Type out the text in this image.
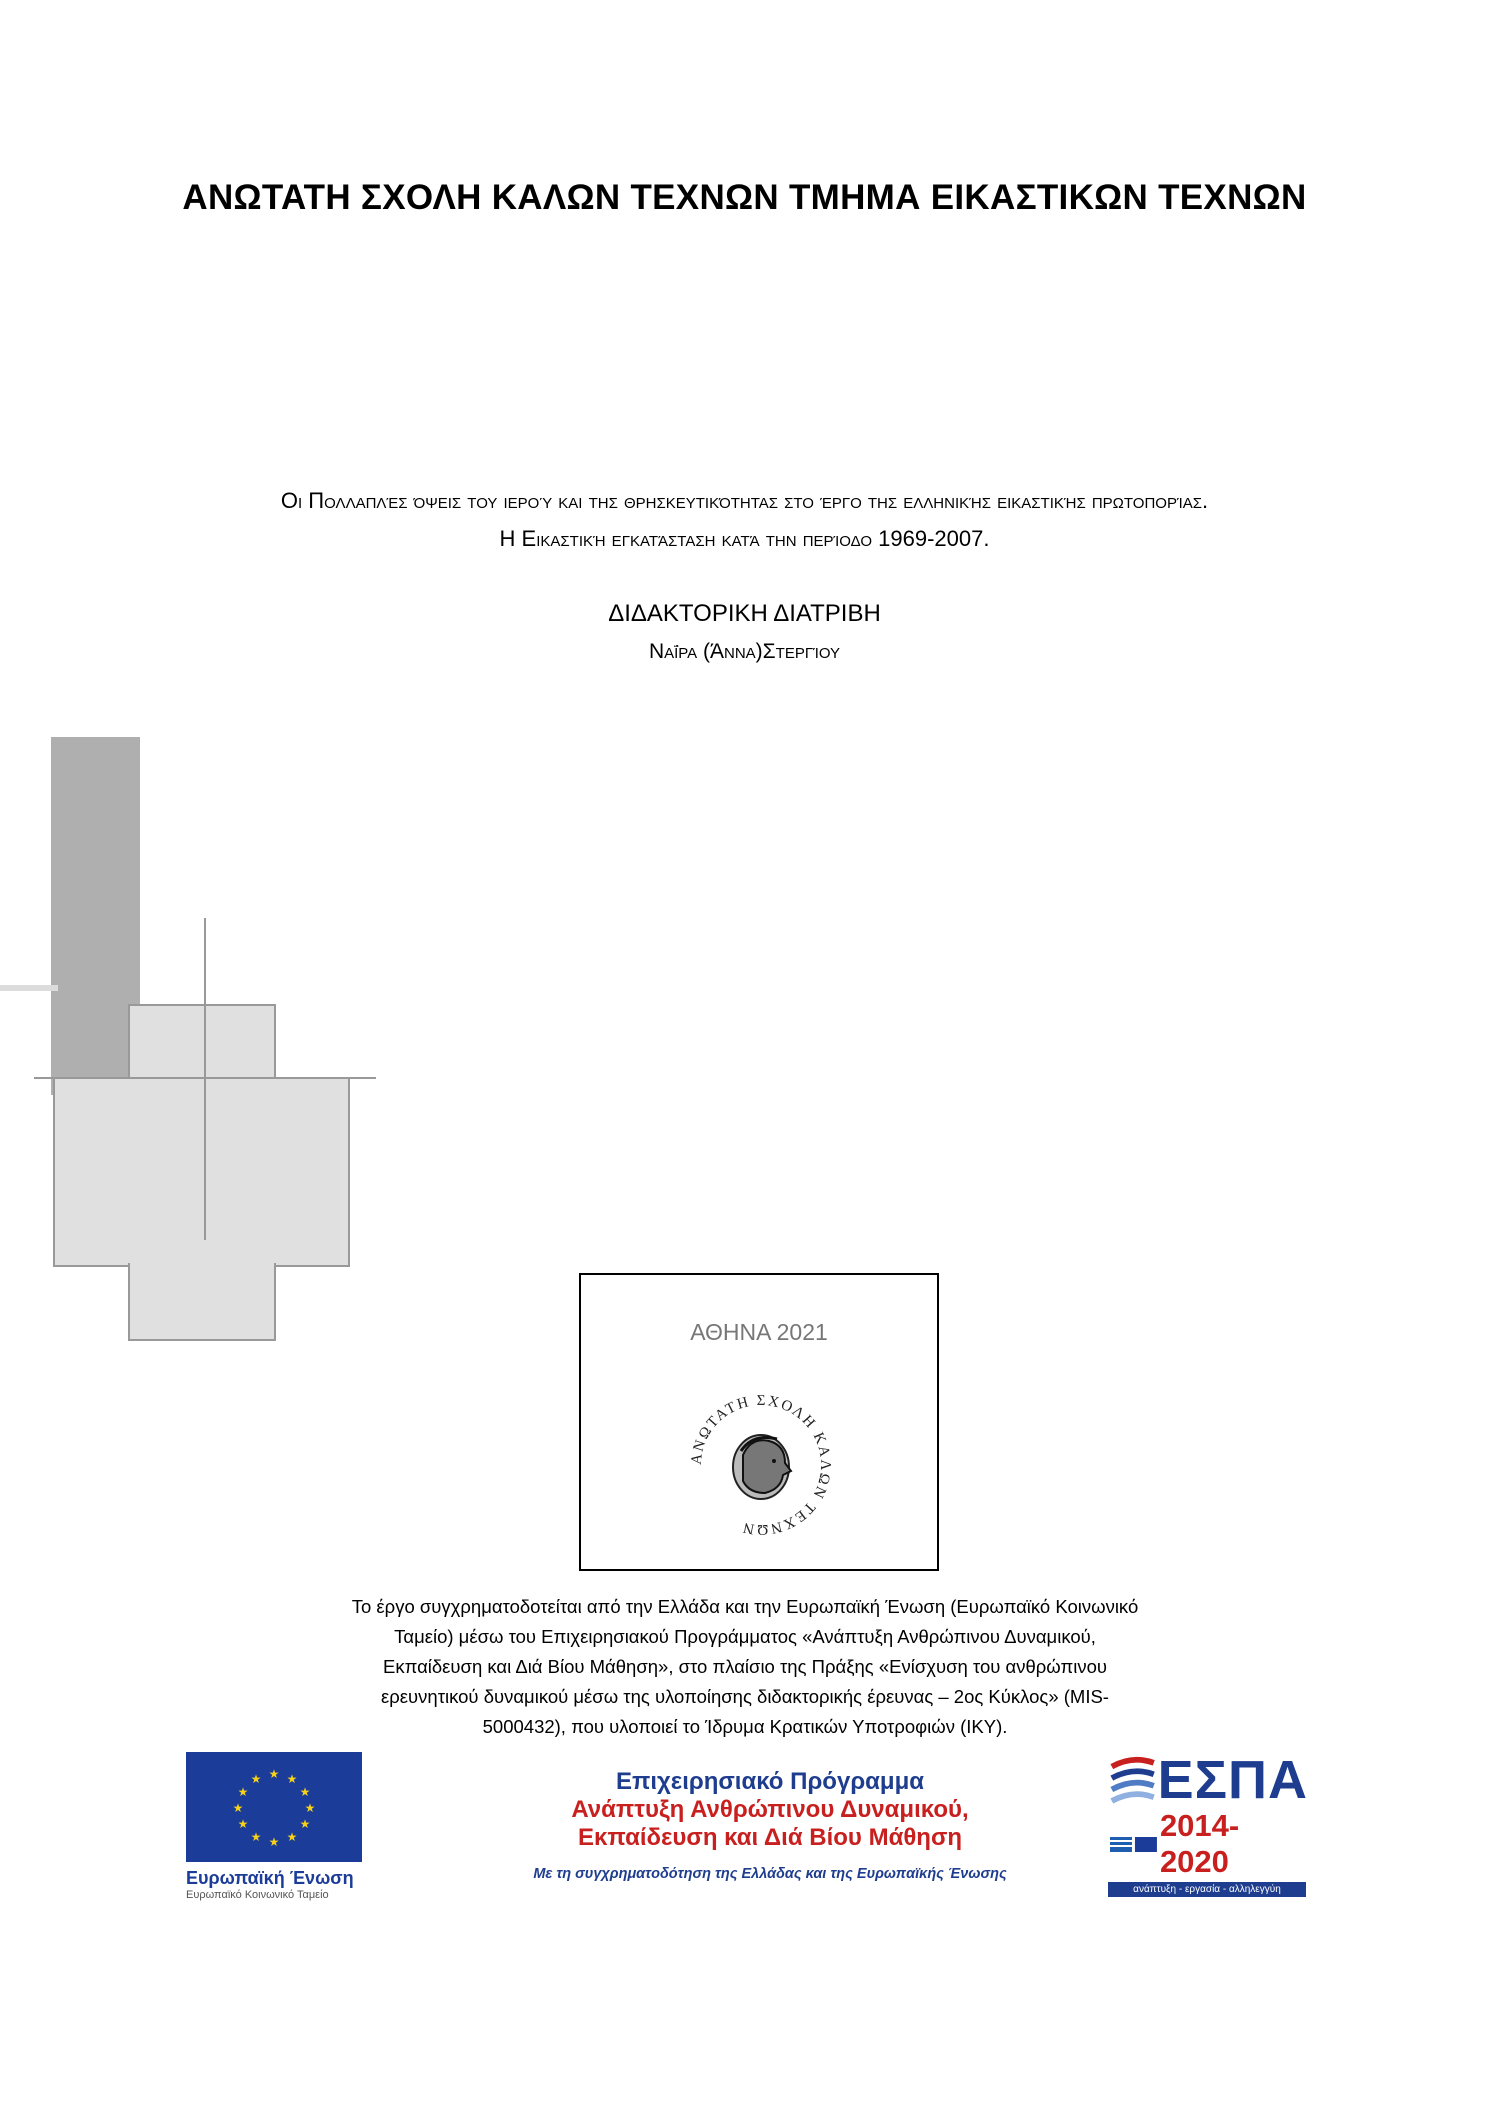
ΑΝΩΤΑΤΗ ΣΧΟΛΗ ΚΑΛΩΝ ΤΕΧΝΩΝ ΤΜΗΜΑ ΕΙΚΑΣΤΙΚΩΝ ΤΕΧΝΩΝ
Οι Πολλαπλές όψεις του ιερού και της θρησκευτικότητας στο έργο της ελληνικής εικαστικής πρωτοπορίας.
Η Εικαστική εγκατάσταση κατά την περίοδο 1969-2007.
ΔΙΔΑΚΤΟΡΙΚΗ ΔΙΑΤΡΙΒΗ
Ναΐρα (Άννα)Στεργίου
ΑΘΗΝΑ 2021
ΑΝΩΤΑΤΗ ΣΧΟΛΗ ΚΑΛΩΝ ΤΕΧΝΩΝ
Το έργο συγχρηματοδοτείται από την Ελλάδα και την Ευρωπαϊκή Ένωση (Ευρωπαϊκό Κοινωνικό
Ταμείο) μέσω του Επιχειρησιακού Προγράμματος «Ανάπτυξη Ανθρώπινου Δυναμικού,
Εκπαίδευση και Διά Βίου Μάθηση», στο πλαίσιο της Πράξης «Ενίσχυση του ανθρώπινου
ερευνητικού δυναμικού μέσω της υλοποίησης διδακτορικής έρευνας – 2ος Κύκλος» (MIS-
5000432), που υλοποιεί το Ίδρυμα Κρατικών Υποτροφιών (ΙΚΥ).
★ ★
★
★
★
★
★
★
★
★
★
★
Ευρωπαϊκή Ένωση
Ευρωπαϊκό Κοινωνικό Ταμείο
Επιχειρησιακό Πρόγραμμα
Ανάπτυξη Ανθρώπινου Δυναμικού,
Εκπαίδευση και Διά Βίου Μάθηση
Με τη συγχρηματοδότηση της Ελλάδας και της Ευρωπαϊκής Ένωσης
ΕΣΠΑ
2014-2020
ανάπτυξη - εργασία - αλληλεγγύη
